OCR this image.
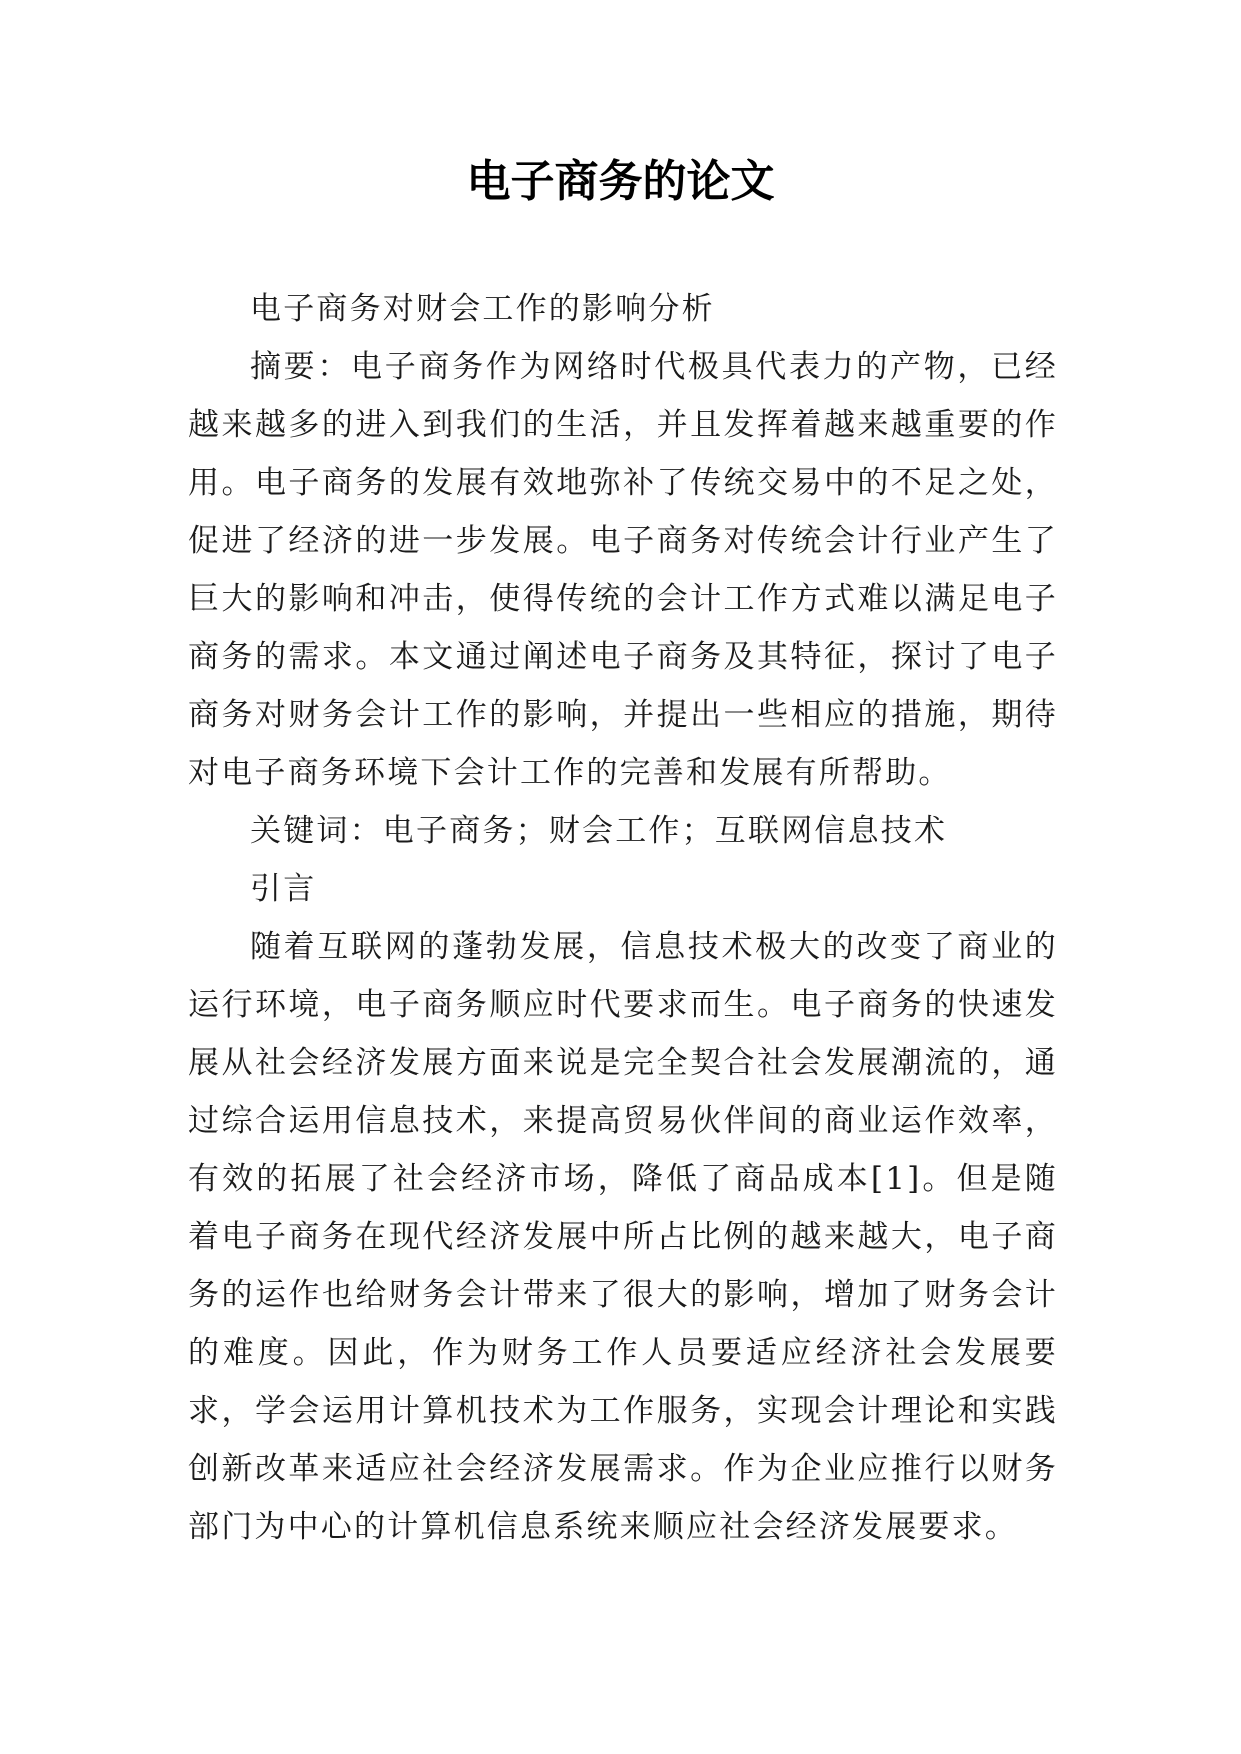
电子商务的论文

电子商务对财会工作的影响分析

摘要：电子商务作为网络时代极具代表力的产物，已经越来越多的进入到我们的生活，并且发挥着越来越重要的作用。电子商务的发展有效地弥补了传统交易中的不足之处，促进了经济的进一步发展。电子商务对传统会计行业产生了巨大的影响和冲击，使得传统的会计工作方式难以满足电子商务的需求。本文通过阐述电子商务及其特征，探讨了电子商务对财务会计工作的影响，并提出一些相应的措施，期待对电子商务环境下会计工作的完善和发展有所帮助。

关键词：电子商务；财会工作；互联网信息技术

引言

随着互联网的蓬勃发展，信息技术极大的改变了商业的运行环境，电子商务顺应时代要求而生。电子商务的快速发展从社会经济发展方面来说是完全契合社会发展潮流的，通过综合运用信息技术，来提高贸易伙伴间的商业运作效率，有效的拓展了社会经济市场，降低了商品成本[1]。但是随着电子商务在现代经济发展中所占比例的越来越大，电子商务的运作也给财务会计带来了很大的影响，增加了财务会计的难度。因此，作为财务工作人员要适应经济社会发展要求，学会运用计算机技术为工作服务，实现会计理论和实践创新改革来适应社会经济发展需求。作为企业应推行以财务部门为中心的计算机信息系统来顺应社会经济发展要求。
